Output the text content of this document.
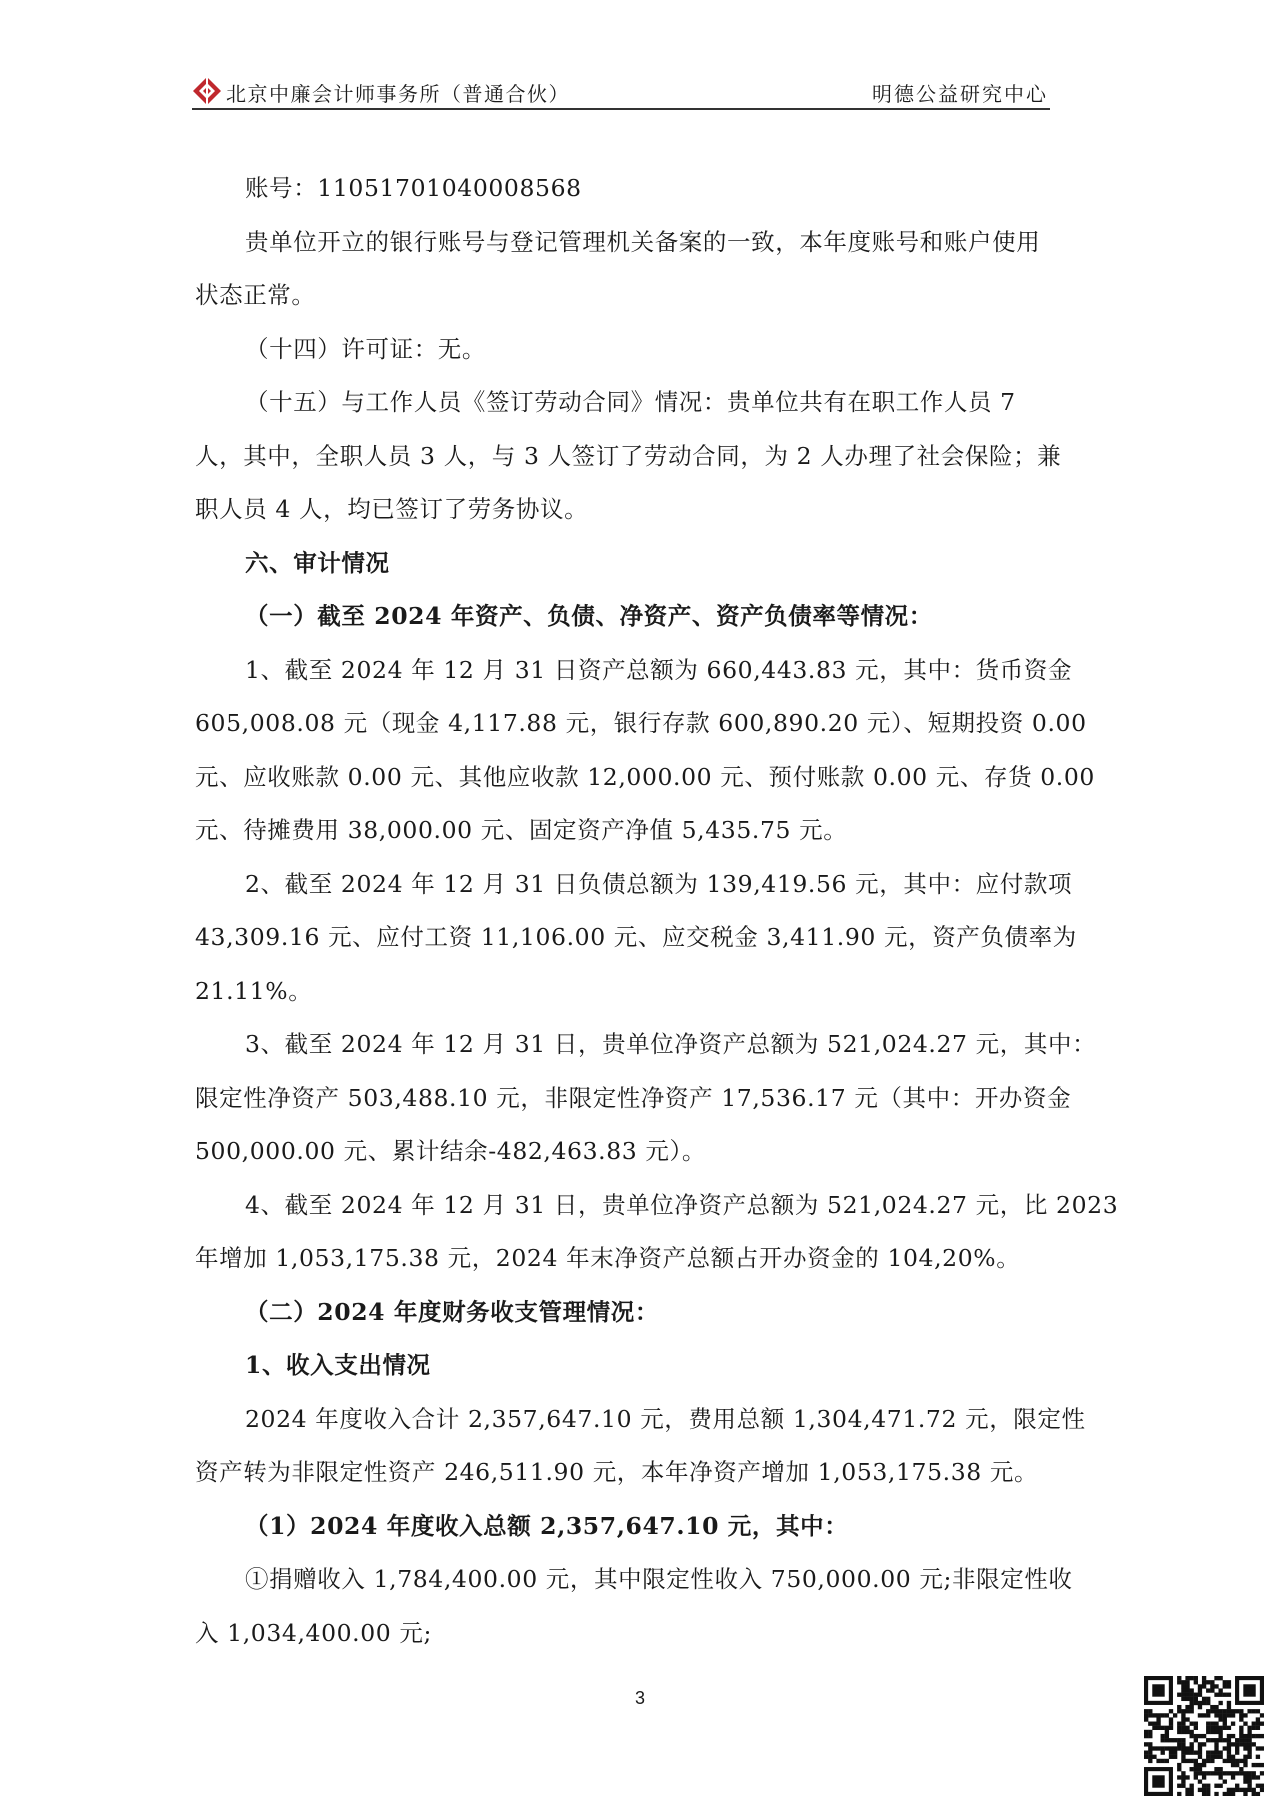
北京中廉会计师事务所（普通合伙）	明德公益研究中心

账号：11051701040008568

贵单位开立的银行账号与登记管理机关备案的一致，本年度账号和账户使用

状态正常。

（十四）许可证：无。

（十五）与工作人员《签订劳动合同》情况：贵单位共有在职工作人员 7

人，其中，全职人员 3 人，与 3 人签订了劳动合同，为 2 人办理了社会保险；兼

职人员 4 人，均已签订了劳务协议。

六、审计情况

（一）截至 2024 年资产、负债、净资产、资产负债率等情况：

1、截至 2024 年 12 月 31 日资产总额为 660,443.83 元，其中：货币资金

605,008.08 元（现金 4,117.88 元，银行存款 600,890.20 元）、短期投资 0.00

元、应收账款 0.00 元、其他应收款 12,000.00 元、预付账款 0.00 元、存货 0.00

元、待摊费用 38,000.00 元、固定资产净值 5,435.75 元。

2、截至 2024 年 12 月 31 日负债总额为 139,419.56 元，其中：应付款项

43,309.16 元、应付工资 11,106.00 元、应交税金 3,411.90 元，资产负债率为

21.11%。

3、截至 2024 年 12 月 31 日，贵单位净资产总额为 521,024.27 元，其中：

限定性净资产 503,488.10 元，非限定性净资产 17,536.17 元（其中：开办资金

500,000.00 元、累计结余-482,463.83 元）。

4、截至 2024 年 12 月 31 日，贵单位净资产总额为 521,024.27 元，比 2023

年增加 1,053,175.38 元，2024 年末净资产总额占开办资金的 104,20%。

（二）2024 年度财务收支管理情况：

1、收入支出情况

2024 年度收入合计 2,357,647.10 元，费用总额 1,304,471.72 元，限定性

资产转为非限定性资产 246,511.90 元，本年净资产增加 1,053,175.38 元。

（1）2024 年度收入总额 2,357,647.10 元，其中：

①捐赠收入 1,784,400.00 元，其中限定性收入 750,000.00 元;非限定性收

入 1,034,400.00 元;

3
